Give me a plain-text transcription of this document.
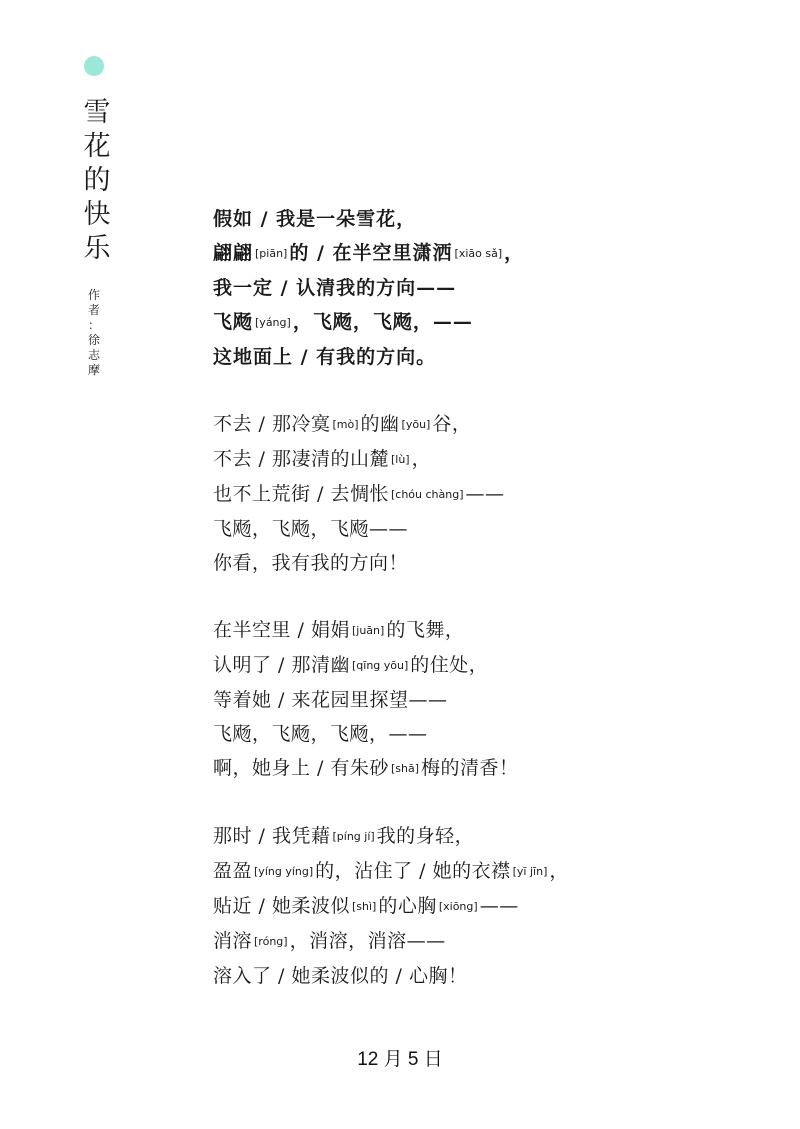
雪
花
的
快
乐
作
者
：
徐
志
摩
假如 / 我是一朵雪花，
翩翩 [piān] 的 / 在半空里潇洒 [xiāo sǎ] ，
我一定 / 认清我的方向——
飞飏 [yáng] ，飞飏，飞飏，——
这地面上 / 有我的方向。
不去 / 那冷寞 [mò] 的幽 [yōu] 谷，
不去 / 那凄清的山麓 [lù] ，
也不上荒街 / 去惆怅 [chóu chàng] ——
飞飏，飞飏，飞飏——
你看，我有我的方向！
在半空里 / 娟娟 [juān] 的飞舞，
认明了 / 那清幽 [qīng yōu] 的住处，
等着她 / 来花园里探望——
飞飏，飞飏，飞飏，——
啊，她身上 / 有朱砂 [shā] 梅的清香！
那时 / 我凭藉 [píng jí] 我的身轻，
盈盈 [yíng yíng] 的，沾住了 / 她的衣襟 [yī jīn] ，
贴近 / 她柔波似 [shì] 的心胸 [xiōng] ——
消溶 [róng] ，消溶，消溶——
溶入了 / 她柔波似的 / 心胸！
12 月 5 日
